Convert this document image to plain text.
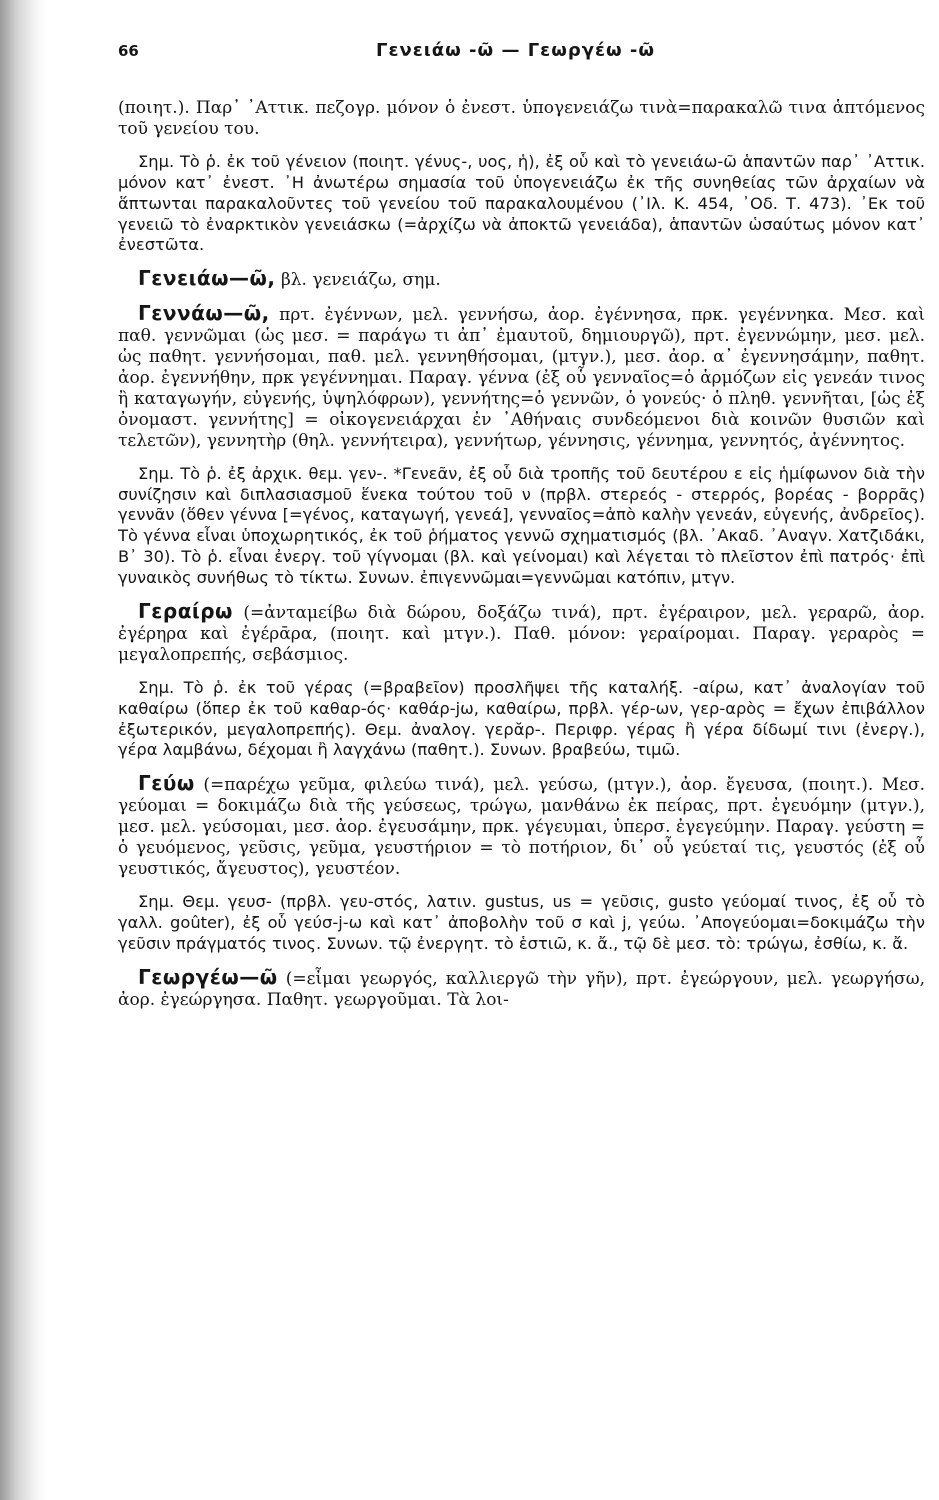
66	Γενειάω -ῶ — Γεωργέω -ῶ

(ποιητ.). Παρ᾽ ᾽Αττικ. πεζογρ. μόνον ὁ ἐνεστ. ὑπογενειάζω τινὰ=παρακαλῶ τινα ἁπτόμενος τοῦ γενείου του.

Σημ. Τὸ ῥ. ἐκ τοῦ γένειον (ποιητ. γένυς-, υος, ἡ), ἐξ οὗ καὶ τὸ γενειάω-ῶ ἁπαντῶν παρ᾽ ᾽Αττικ. μόνον κατ᾽ ἐνεστ. ᾽Η ἀνωτέρω σημασία τοῦ ὑπογενειάζω ἐκ τῆς συνηθείας τῶν ἀρχαίων νὰ ἅπτωνται παρακαλοῦντες τοῦ γενείου τοῦ παρακαλουμένου (᾽Ιλ. Κ. 454, ᾽Οδ. Τ. 473). ᾽Εκ τοῦ γενειῶ τὸ ἐναρκτικὸν γενειάσκω (=ἀρχίζω νὰ ἀποκτῶ γενειάδα), ἁπαντῶν ὡσαύτως μόνον κατ᾽ ἐνεστῶτα.

Γενειάω—ῶ, βλ. γενειάζω, σημ.

Γεννάω—ῶ, πρτ. ἐγέννων, μελ. γεννήσω, ἀορ. ἐγέννησα, πρκ. γεγέννηκα. Μεσ. καὶ παθ. γεννῶμαι (ὡς μεσ. = παράγω τι ἀπ᾽ ἐμαυτοῦ, δημιουργῶ), πρτ. ἐγεννώμην, μεσ. μελ. ὡς παθητ. γεννήσομαι, παθ. μελ. γεννηθήσομαι, (μτγν.), μεσ. ἀορ. α᾽ ἐγεννησάμην, παθητ. ἀορ. ἐγεννήθην, πρκ γεγέννημαι. Παραγ. γέννα (ἐξ οὗ γενναῖος=ὁ ἁρμόζων εἰς γενεάν τινος ἢ καταγωγήν, εὐγενής, ὑψηλόφρων), γεννήτης=ὁ γεννῶν, ὁ γονεύς· ὁ πληθ. γεννῆται, [ὡς ἐξ ὀνομαστ. γεννήτης] = οἰκογενειάρχαι ἐν ᾽Αθήναις συνδεόμενοι διὰ κοινῶν θυσιῶν καὶ τελετῶν), γεννητὴρ (θηλ. γεννήτειρα), γεννήτωρ, γέννησις, γέννημα, γεννητός, ἀγέννητος.

Σημ. Τὸ ῥ. ἐξ ἀρχικ. θεμ. γεν-. *Γενεᾶν, ἐξ οὗ διὰ τροπῆς τοῦ δευτέρου ε εἰς ἡμίφωνον διὰ τὴν συνίζησιν καὶ διπλασιασμοῦ ἕνεκα τούτου τοῦ ν (πρβλ. στερεός - στερρός, βορέας - βορρᾶς) γεννᾶν (ὅθεν γέννα [=γένος, καταγωγή, γενεά], γενναῖος=ἀπὸ καλὴν γενεάν, εὐγενής, ἀνδρεῖος). Τὸ γέννα εἶναι ὑποχωρητικός, ἐκ τοῦ ῥήματος γεννῶ σχηματισμός (βλ. ᾽Ακαδ. ᾽Αναγν. Χατζιδάκι, Β᾽ 30). Τὸ ῥ. εἶναι ἐνεργ. τοῦ γίγνομαι (βλ. καὶ γείνομαι) καὶ λέγεται τὸ πλεῖστον ἐπὶ πατρός· ἐπὶ γυναικὸς συνήθως τὸ τίκτω. Συνων. ἐπιγεννῶμαι=γεννῶμαι κατόπιν, μτγν.

Γεραίρω (=ἀνταμείβω διὰ δώρου, δοξάζω τινά), πρτ. ἐγέραιρον, μελ. γεραρῶ, ἀορ. ἐγέρηρα καὶ ἐγέρᾱρα, (ποιητ. καὶ μτγν.). Παθ. μόνον: γεραίρομαι. Παραγ. γεραρὸς = μεγαλοπρεπής, σεβάσμιος.

Σημ. Τὸ ῥ. ἐκ τοῦ γέρας (=βραβεῖον) προσλῆψει τῆς καταλήξ. -αίρω, κατ᾽ ἀναλογίαν τοῦ καθαίρω (ὅπερ ἐκ τοῦ καθαρ-ός· καθάρ-jω, καθαίρω, πρβλ. γέρ-ων, γερ-αρὸς = ἔχων ἐπιβάλλον ἐξωτερικόν, μεγαλοπρεπής). Θεμ. ἀναλογ. γερᾰρ-. Περιφρ. γέρας ἢ γέρα δίδωμί τινι (ἐνεργ.), γέρα λαμβάνω, δέχομαι ἢ λαγχάνω (παθητ.). Συνων. βραβεύω, τιμῶ.

Γεύω (=παρέχω γεῦμα, φιλεύω τινά), μελ. γεύσω, (μτγν.), ἀορ. ἔγευσα, (ποιητ.). Μεσ. γεύομαι = δοκιμάζω διὰ τῆς γεύσεως, τρώγω, μανθάνω ἐκ πείρας, πρτ. ἐγευόμην (μτγν.), μεσ. μελ. γεύσομαι, μεσ. ἀορ. ἐγευσάμην, πρκ. γέγευμαι, ὑπερσ. ἐγεγεύμην. Παραγ. γεύστη = ὁ γευόμενος, γεῦσις, γεῦμα, γευστήριον = τὸ ποτήριον, δι᾽ οὗ γεύεταί τις, γευστός (ἐξ οὗ γευστικός, ἄγευστος), γευστέον.

Σημ. Θεμ. γευσ- (πρβλ. γευ-στός, λατιν. gustus, us = γεῦσις, gusto γεύομαί τινος, ἐξ οὗ τὸ γαλλ. goûter), ἐξ οὗ γεύσ-j-ω καὶ κατ᾽ ἀποβολὴν τοῦ σ καὶ j, γεύω. ᾽Απογεύομαι=δοκιμάζω τὴν γεῦσιν πράγματός τινος. Συνων. τῷ ἐνεργητ. τὸ ἑστιῶ, κ. ἄ., τῷ δὲ μεσ. τὸ: τρώγω, ἐσθίω, κ. ἄ.

Γεωργέω—ῶ (=εἶμαι γεωργός, καλλιεργῶ τὴν γῆν), πρτ. ἐγεώργουν, μελ. γεωργήσω, ἀορ. ἐγεώργησα. Παθητ. γεωργοῦμαι. Τὰ λοι-
